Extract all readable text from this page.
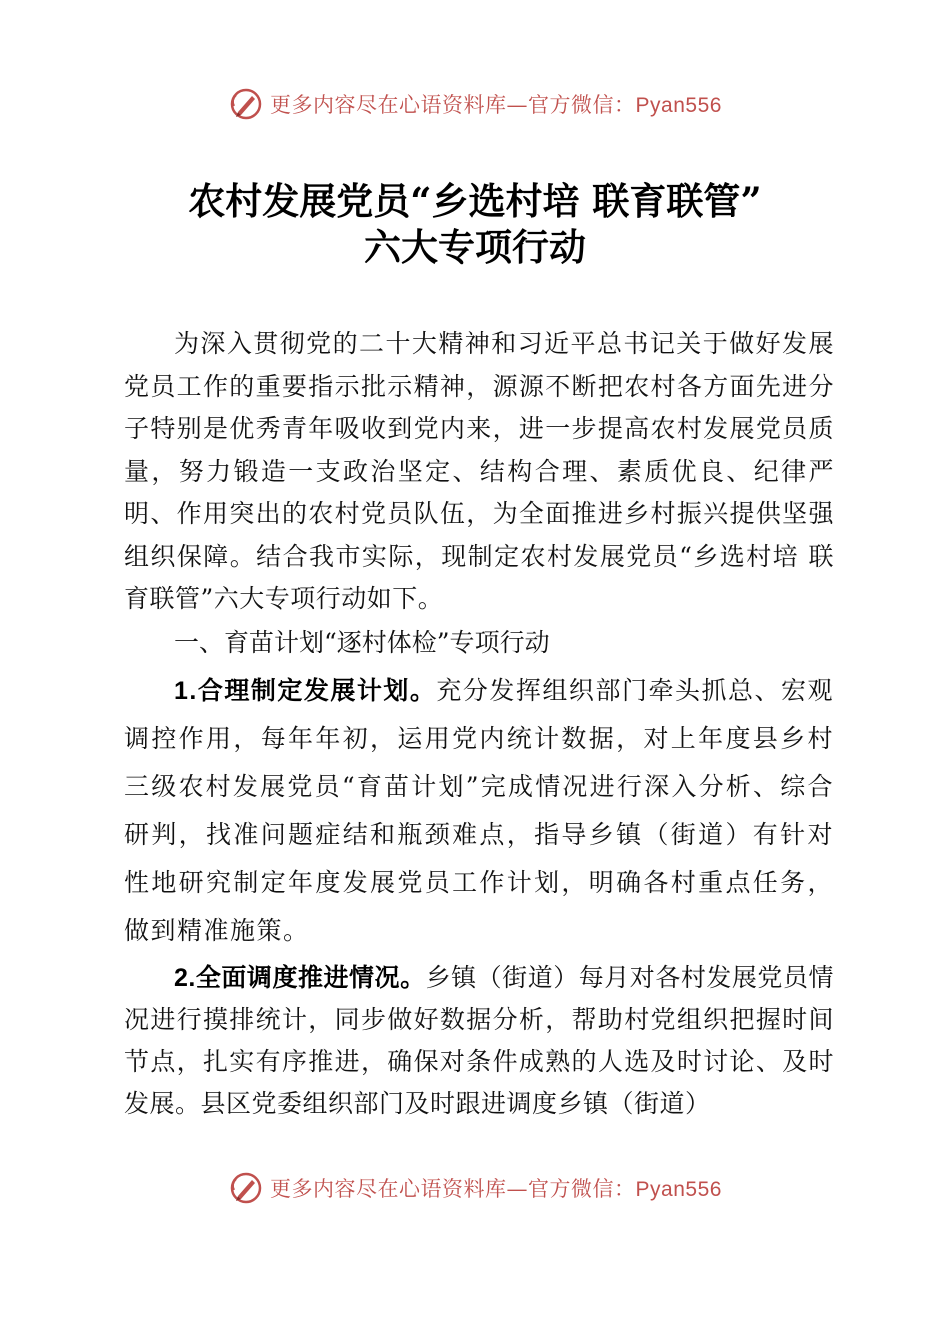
更多内容尽在心语资料库—官方微信：Pyan556
农村发展党员“乡选村培 联育联管”
六大专项行动

为深入贯彻党的二十大精神和习近平总书记关于做好发展党员工作的重要指示批示精神，源源不断把农村各方面先进分子特别是优秀青年吸收到党内来，进一步提高农村发展党员质量，努力锻造一支政治坚定、结构合理、素质优良、纪律严明、作用突出的农村党员队伍，为全面推进乡村振兴提供坚强组织保障。结合我市实际，现制定农村发展党员“乡选村培 联育联管”六大专项行动如下。

一、育苗计划“逐村体检”专项行动

1.合理制定发展计划。充分发挥组织部门牵头抓总、宏观调控作用，每年年初，运用党内统计数据，对上年度县乡村三级农村发展党员“育苗计划”完成情况进行深入分析、综合研判，找准问题症结和瓶颈难点，指导乡镇（街道）有针对性地研究制定年度发展党员工作计划，明确各村重点任务，做到精准施策。

2.全面调度推进情况。乡镇（街道）每月对各村发展党员情况进行摸排统计，同步做好数据分析，帮助村党组织把握时间节点，扎实有序推进，确保对条件成熟的人选及时讨论、及时发展。县区党委组织部门及时跟进调度乡镇（街道）

更多内容尽在心语资料库—官方微信：Pyan556
